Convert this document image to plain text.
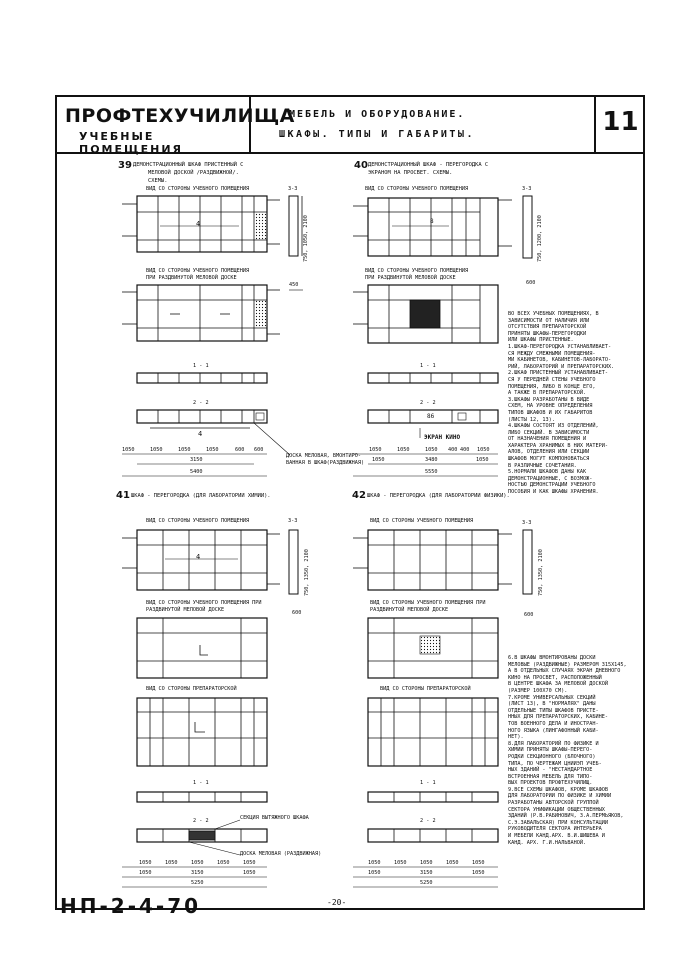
ПРОФТЕХУЧИЛИЩА
УЧЕБНЫЕ ПОМЕЩЕНИЯ
МЕБЕЛЬ И ОБОРУДОВАНИЕ.
ШКАФЫ. ТИПЫ И ГАБАРИТЫ.	11
39 ДЕМОНСТРАЦИОННЫЙ ШКАФ ПРИСТЕННЫЙ С
МЕЛОВОЙ ДОСКОЙ /РАЗДВИЖНОЙ/.
СХЕМЫ.
ВИД СО СТОРОНЫ УЧЕБНОГО ПОМЕЩЕНИЯ
ВИД СО СТОРОНЫ УЧЕБНОГО ПОМЕЩЕНИЯ
ПРИ РАЗДВИНУТОЙ МЕЛОВОЙ ДОСКЕ
3-3
1 - 1
2 - 2
4
4
450
750, 1050, 2100
1050	1050	1050	1050	600 600
3150
5400
ДОСКА МЕЛОВАЯ, ВМОНТИРО-
ВАННАЯ В ШКАФ(РАЗДВИЖНАЯ)
40 ДЕМОНСТРАЦИОННЫЙ ШКАФ - ПЕРЕГОРОДКА С
ЭКРАНОМ НА ПРОСВЕТ. СХЕМЫ.
ВИД СО СТОРОНЫ УЧЕБНОГО ПОМЕЩЕНИЯ
ВИД СО СТОРОНЫ УЧЕБНОГО ПОМЕЩЕНИЯ
ПРИ РАЗДВИНУТОЙ МЕЛОВОЙ ДОСКЕ
3-3
1 - 1
2 - 2
8
86
ЭКРАН КИНО
600
750, 1200, 2100
1050	1050	1050 400 400 1050
1050	3480	1050
5550
41 ШКАФ - ПЕРЕГОРОДКА (ДЛЯ ЛАБОРАТОРИИ ХИМИИ).
ВИД СО СТОРОНЫ УЧЕБНОГО ПОМЕЩЕНИЯ
ВИД СО СТОРОНЫ УЧЕБНОГО ПОМЕЩЕНИЯ ПРИ
РАЗДВИНУТОЙ МЕЛОВОЙ ДОСКЕ
ВИД СО СТОРОНЫ ПРЕПАРАТОРСКОЙ
3-3
1 - 1
2 - 2
4
600
750, 1350, 2100
СЕКЦИЯ ВЫТЯЖНОГО ШКАФА
ДОСКА МЕЛОВАЯ (РАЗДВИЖНАЯ)
1050	1050	1050	1050	1050
1050	3150	1050
5250
42 ШКАФ - ПЕРЕГОРОДКА (ДЛЯ ЛАБОРАТОРИИ ФИЗИКИ).
ВИД СО СТОРОНЫ УЧЕБНОГО ПОМЕЩЕНИЯ
ВИД СО СТОРОНЫ УЧЕБНОГО ПОМЕЩЕНИЯ ПРИ
РАЗДВИНУТОЙ МЕЛОВОЙ ДОСКЕ
ВИД СО СТОРОНЫ ПРЕПАРАТОРСКОЙ
3-3
1 - 1
2 - 2
600
750, 1350, 2100
1050	1050	1050	1050	1050
1050	3150	1050
5250

ВО ВСЕХ УЧЕБНЫХ ПОМЕЩЕНИЯХ, В

ЗАВИСИМОСТИ ОТ НАЛИЧИЯ ИЛИ

ОТСУТСТВИЯ ПРЕПАРАТОРСКОЙ

ПРИНЯТЫ ШКАФЫ-ПЕРЕГОРОДКИ

ИЛИ ШКАФЫ ПРИСТЕННЫЕ.

1.ШКАФ-ПЕРЕГОРОДКА УСТАНАВЛИВАЕТ-

СЯ МЕЖДУ СМЕЖНЫМИ ПОМЕЩЕНИЯ-

МИ КАБИНЕТОВ, КАБИНЕТОВ-ЛАБОРАТО-

РИЙ, ЛАБОРАТОРИЙ И ПРЕПАРАТОРСКИХ.

2.ШКАФ ПРИСТЕННЫЙ УСТАНАВЛИВАЕТ-

СЯ У ПЕРЕДНЕЙ СТЕНЫ УЧЕБНОГО

ПОМЕЩЕНИЯ, ЛИБО В КОНЦЕ ЕГО,

А ТАКЖЕ В ПРЕПАРАТОРСКОЙ.

3.ШКАФЫ РАЗРАБОТАНЫ В ВИДЕ

СХЕМ, НА УРОВНЕ ОПРЕДЕЛЕНИЯ

ТИПОВ ШКАФОВ И ИХ ГАБАРИТОВ

(ЛИСТЫ 12, 13).

4.ШКАФЫ СОСТОЯТ ИЗ ОТДЕЛЕНИЙ,

ЛИБО СЕКЦИЙ. В ЗАВИСИМОСТИ

ОТ НАЗНАЧЕНИЯ ПОМЕЩЕНИЯ И

ХАРАКТЕРА ХРАНИМЫХ В НИХ МАТЕРИ-

АЛОВ, ОТДЕЛЕНИЯ ИЛИ СЕКЦИИ

ШКАФОВ МОГУТ КОМПОНОВАТЬСЯ

В РАЗЛИЧНЫЕ СОЧЕТАНИЯ.

5.НОРМАЛИ ШКАФОВ ДАНЫ КАК

ДЕМОНСТРАЦИОННЫЕ, С ВОЗМОЖ-

НОСТЬЮ ДЕМОНСТРАЦИИ УЧЕБНОГО

ПОСОБИЯ И КАК ШКАФЫ ХРАНЕНИЯ.

6.В ШКАФЫ ВМОНТИРОВАНЫ ДОСКИ

МЕЛОВЫЕ (РАЗДВИЖНЫЕ) РАЗМЕРОМ 315Х145,

А В ОТДЕЛЬНЫХ СЛУЧАЯХ ЭКРАН ДНЕВНОГО

КИНО НА ПРОСВЕТ, РАСПОЛОЖЕННЫЙ

В ЦЕНТРЕ ШКАФА ЗА МЕЛОВОЙ ДОСКОЙ

(РАЗМЕР 100Х70 СМ).

7.КРОМЕ УНИВЕРСАЛЬНЫХ СЕКЦИЙ

(ЛИСТ 13), В "НОРМАЛЯХ" ДАНЫ

ОТДЕЛЬНЫЕ ТИПЫ ШКАФОВ ПРИСТЕ-

ННЫХ ДЛЯ ПРЕПАРАТОРСКИХ, КАБИНЕ-

ТОВ ВОЕННОГО ДЕЛА И ИНОСТРАН-

НОГО ЯЗЫКА (ЛИНГАФОННЫЙ КАБИ-

НЕТ).

8.ДЛЯ ЛАБОРАТОРИЙ ПО ФИЗИКЕ И

ХИМИИ ПРИНЯТЫ ШКАФЫ-ПЕРЕГО-

РОДКИ СЕКЦИОННОГО (БЛОЧНОГО)

ТИПА, ПО ЧЕРТЕЖАМ ЦНИИЭП УЧЕБ-

НЫХ ЗДАНИЙ - "НЕСТАНДАРТНОЕ

ВСТРОЕННАЯ МЕБЕЛЬ ДЛЯ ТИПО-

ВЫХ ПРОЕКТОВ ПРОФТЕХУЧИЛИЩ.

9.ВСЕ СХЕМЫ ШКАФОВ, КРОМЕ ШКАФОВ

ДЛЯ ЛАБОРАТОРИИ ПО ФИЗИКЕ И ХИМИИ

РАЗРАБОТАНЫ АВТОРСКОЙ ГРУППОЙ

СЕКТОРА УНИФИКАЦИИ ОБЩЕСТВЕННЫХ

ЗДАНИЙ (Р.В.РАБИНОВИЧ, З.А.ПЕРМЬЯКОВ,

С.Э.ЗАВАЛЬСКАЯ) ПРИ КОНСУЛЬТАЦИИ

РУКОВОДИТЕЛЯ СЕКТОРА ИНТЕРЬЕРА

И МЕБЕЛИ КАНД.АРХ. В.И.ШИШЕВА И

КАНД. АРХ. Г.И.НАЛЬВАНОЙ.

НП-2-4-70	-20-
